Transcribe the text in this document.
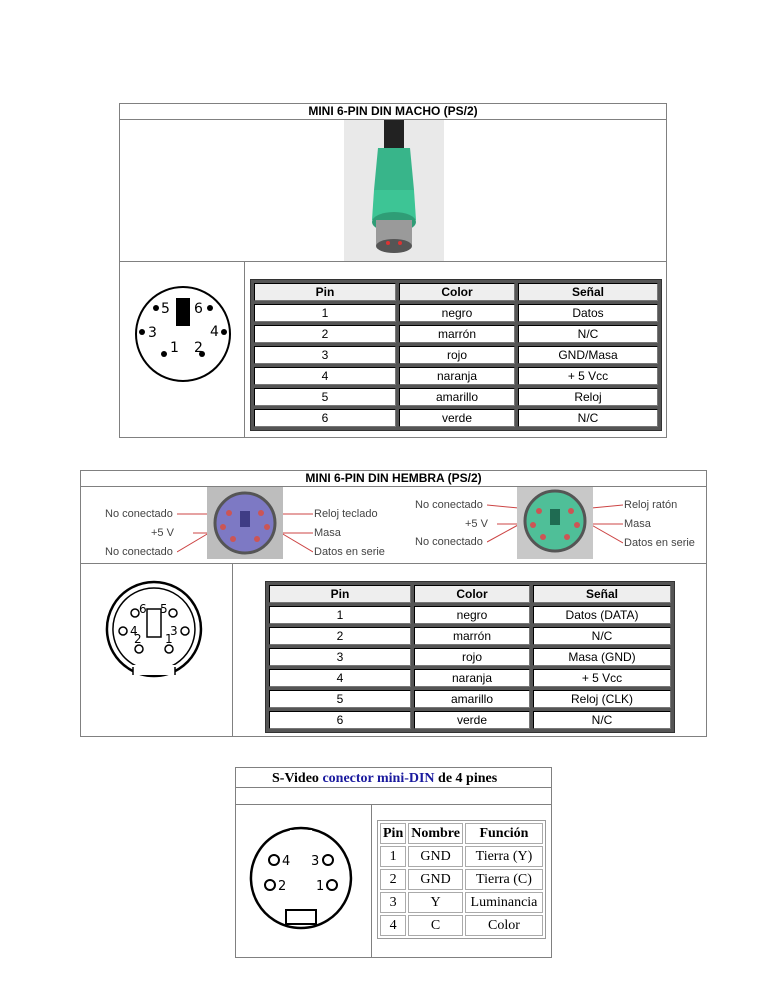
MINI 6-PIN DIN MACHO (PS/2)
5 6
3	4
1 2
Pin	Color	Señal
1	negro	Datos
2	marrón	N/C
3	rojo	GND/Masa
4	naranja	+ 5 Vcc
5	amarillo	Reloj
6	verde	N/C
MINI 6-PIN DIN HEMBRA (PS/2)
No conectado
+5 V
No conectado
Reloj teclado
Masa
Datos en serie
No conectado
+5 V
No conectado
Reloj ratón
Masa
Datos en serie
6 5
4	3
2 1
Pin	Color	Señal
1	negro	Datos (DATA)
2	marrón	N/C
3	rojo	Masa (GND)
4	naranja	+ 5 Vcc
5	amarillo	Reloj (CLK)
6	verde	N/C
S-Video conector mini-DIN de 4 pines
4 3
2 1
Pin	Nombre	Función
1	GND	Tierra (Y)
2	GND	Tierra (C)
3	Y	Luminancia
4	C	Color
